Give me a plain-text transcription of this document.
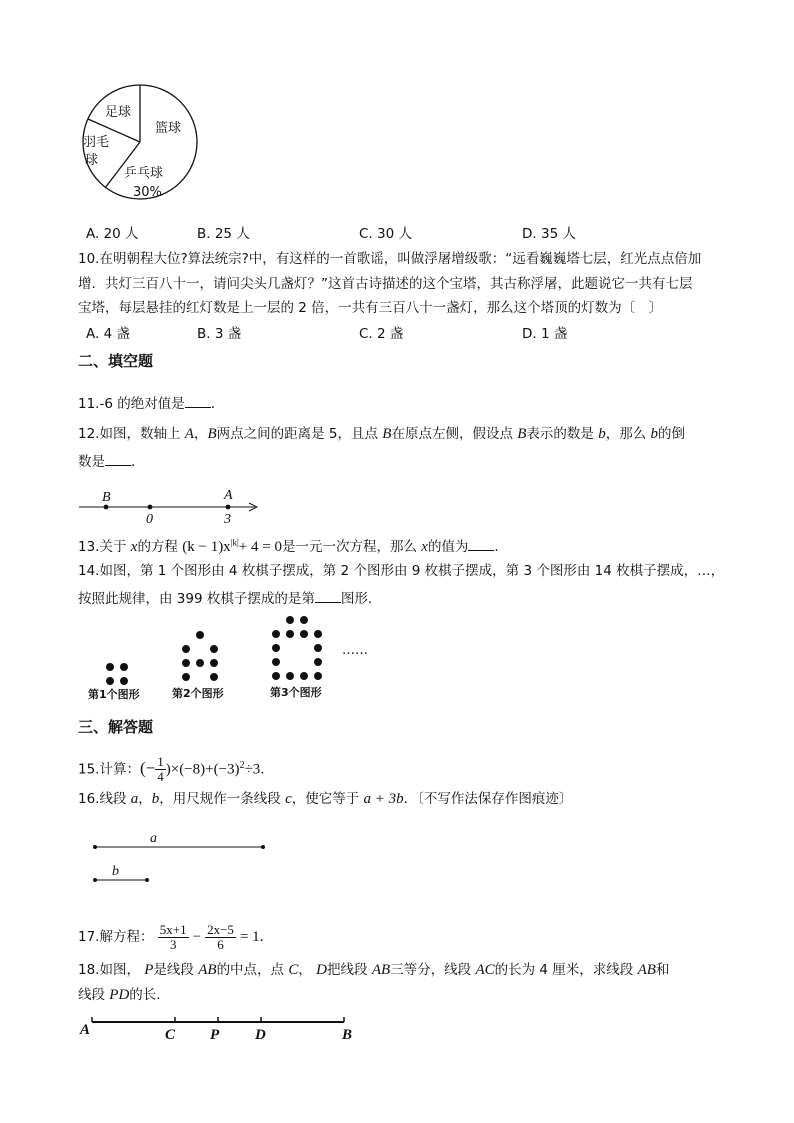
足球
篮球
羽毛
球
乒乓球
30%
A. 20 人	B. 25 人	C. 30 人	D. 35 人
10.在明朝程大位?算法统宗?中，有这样的一首歌谣，叫做浮屠增级歌：“远看巍巍塔七层，红光点点倍加
增．共灯三百八十一，请问尖头几盏灯？”这首古诗描述的这个宝塔，其古称浮屠，此题说它一共有七层
宝塔，每层悬挂的红灯数是上一层的 2 倍，一共有三百八十一盏灯，那么这个塔顶的灯数为〔　〕
A. 4 盏	B. 3 盏	C. 2 盏	D. 1 盏
二、填空题
11.-6 的绝对值是 ．
12.如图，数轴上 A，B两点之间的距离是 5，且点 B在原点左侧，假设点 B表示的数是 b，那么 b的倒
数是 ．
B	A
0	3
13.关于 x的方程 $(k - 1)x^{|k|}+ 4 = 0$是一元一次方程，那么 x的值为 ．
14.如图，第 1 个图形由 4 枚棋子摆成，第 2 个图形由 9 枚棋子摆成，第 3 个图形由 14 枚棋子摆成，…，
按照此规律，由 399 枚棋子摆成的是第 图形．
……
第1个图形	第2个图形	第3个图形
三、解答题
15.计算：(− $\frac{1}{4} )\times(-8)+(-3)^2\div 3$．
16.线段 a，b，用尺规作一条线段 c，使它等于 a + 3b．〔不写作法保存作图痕迹〕
a
b
17.解方程： $\frac{5x+1}{3} - \frac{2x-5}{6} = 1$．
18.如图， P是线段 AB的中点，点 C， D把线段 AB三等分，线段 AC的长为 4 厘米，求线段 AB和
线段 PD的长.
A	C P D	B
